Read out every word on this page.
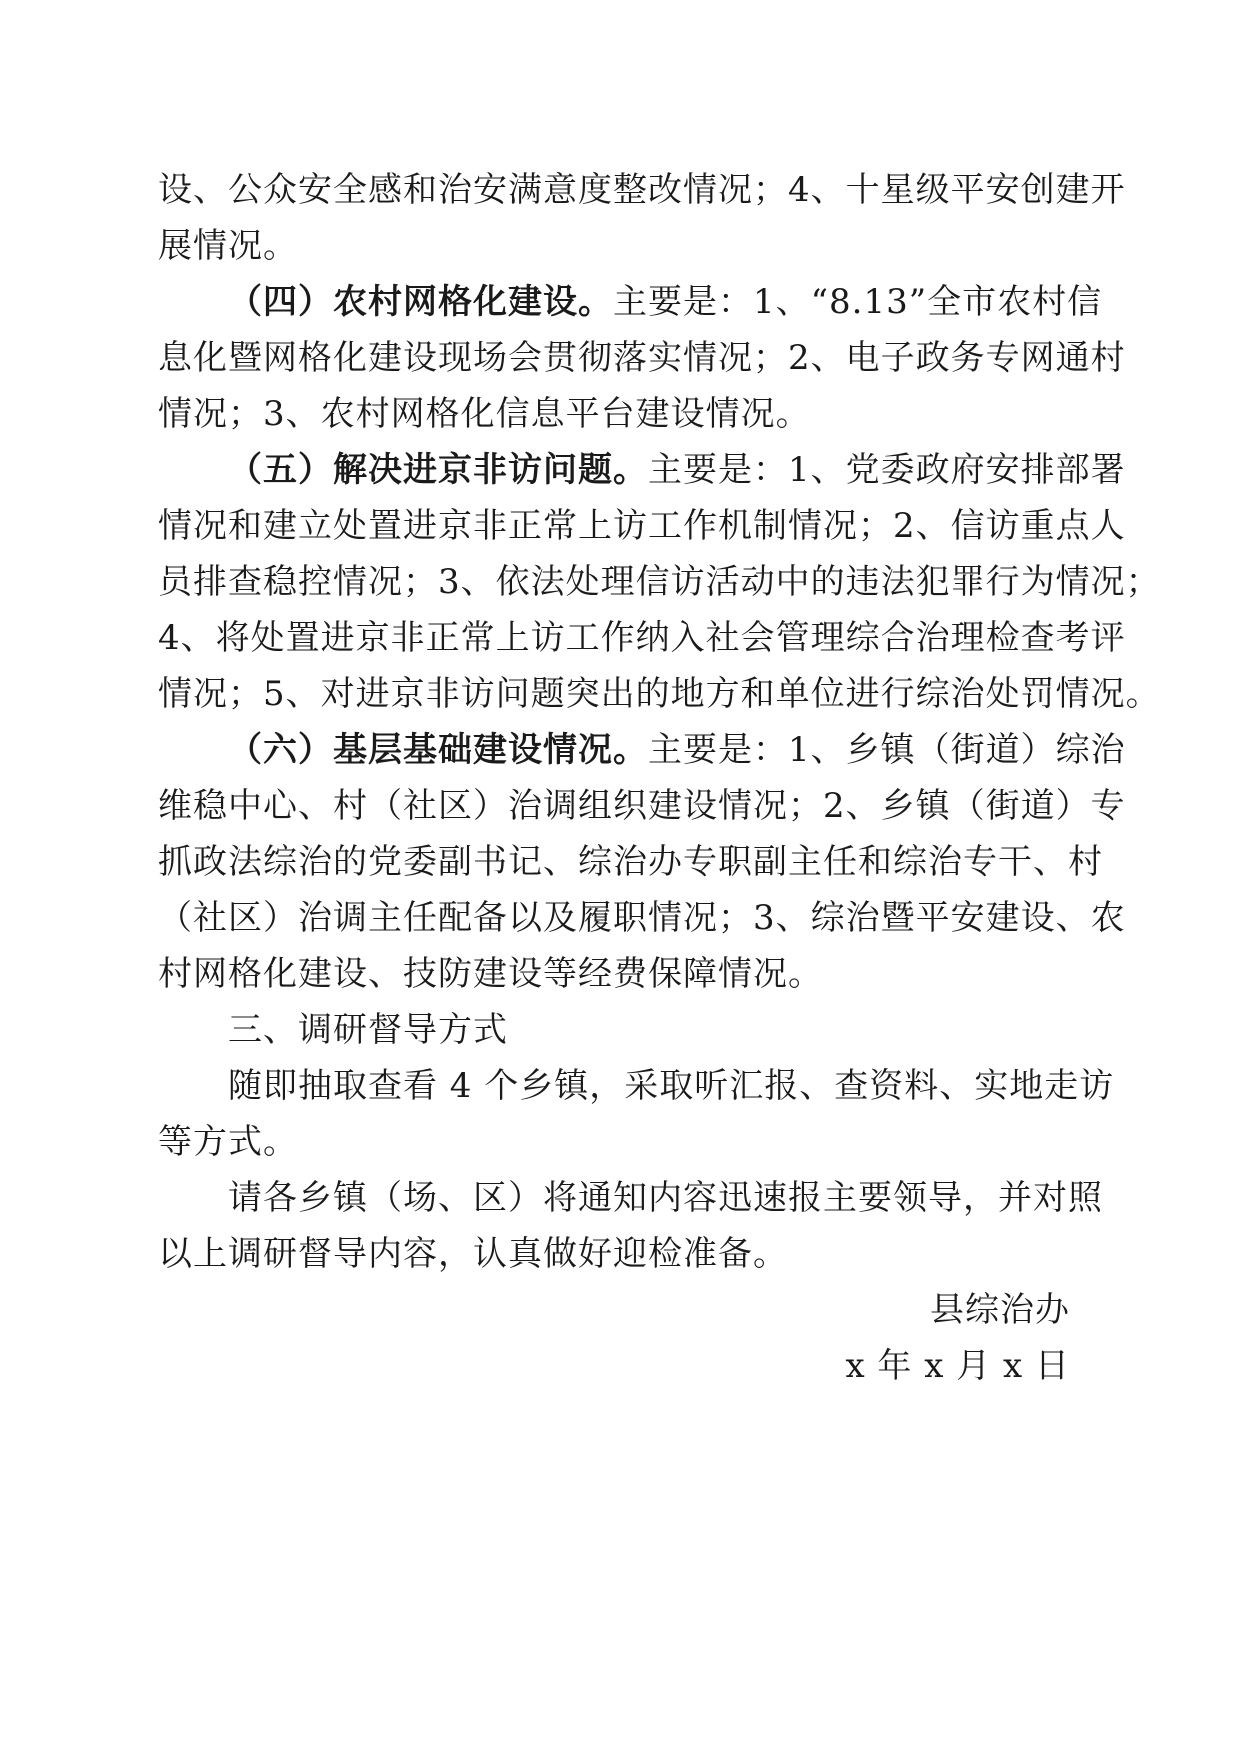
设、公众安全感和治安满意度整改情况；4、十星级平安创建开
展情况。
（四）农村网格化建设。主要是：1、“8.13”全市农村信
息化暨网格化建设现场会贯彻落实情况；2、电子政务专网通村
情况；3、农村网格化信息平台建设情况。
（五）解决进京非访问题。主要是：1、党委政府安排部署
情况和建立处置进京非正常上访工作机制情况；2、信访重点人
员排查稳控情况；3、依法处理信访活动中的违法犯罪行为情况；
4、将处置进京非正常上访工作纳入社会管理综合治理检查考评
情况；5、对进京非访问题突出的地方和单位进行综治处罚情况。
（六）基层基础建设情况。主要是：1、乡镇（街道）综治
维稳中心、村（社区）治调组织建设情况；2、乡镇（街道）专
抓政法综治的党委副书记、综治办专职副主任和综治专干、村
（社区）治调主任配备以及履职情况；3、综治暨平安建设、农
村网格化建设、技防建设等经费保障情况。
三、调研督导方式
随即抽取查看 4 个乡镇，采取听汇报、查资料、实地走访
等方式。
请各乡镇（场、区）将通知内容迅速报主要领导，并对照
以上调研督导内容，认真做好迎检准备。
县综治办
x 年 x 月 x 日
